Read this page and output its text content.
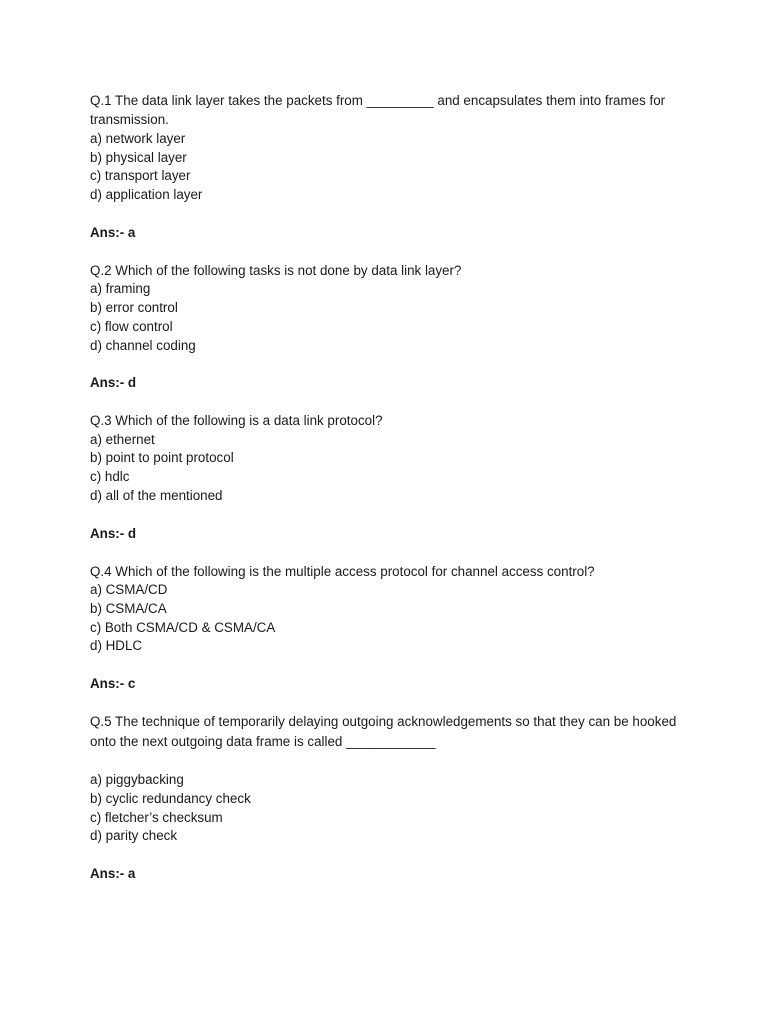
Q.1 The data link layer takes the packets from _________ and encapsulates them into frames for transmission.
a) network layer
b) physical layer
c) transport layer
d) application layer
Ans:- a
Q.2 Which of the following tasks is not done by data link layer?
a) framing
b) error control
c) flow control
d) channel coding
Ans:- d
Q.3 Which of the following is a data link protocol?
a) ethernet
b) point to point protocol
c) hdlc
d) all of the mentioned
Ans:- d
Q.4 Which of the following is the multiple access protocol for channel access control?
a) CSMA/CD
b) CSMA/CA
c) Both CSMA/CD & CSMA/CA
d) HDLC
Ans:- c
Q.5 The technique of temporarily delaying outgoing acknowledgements so that they can be hooked onto the next outgoing data frame is called ____________
a) piggybacking
b) cyclic redundancy check
c) fletcher’s checksum
d) parity check
Ans:- a
